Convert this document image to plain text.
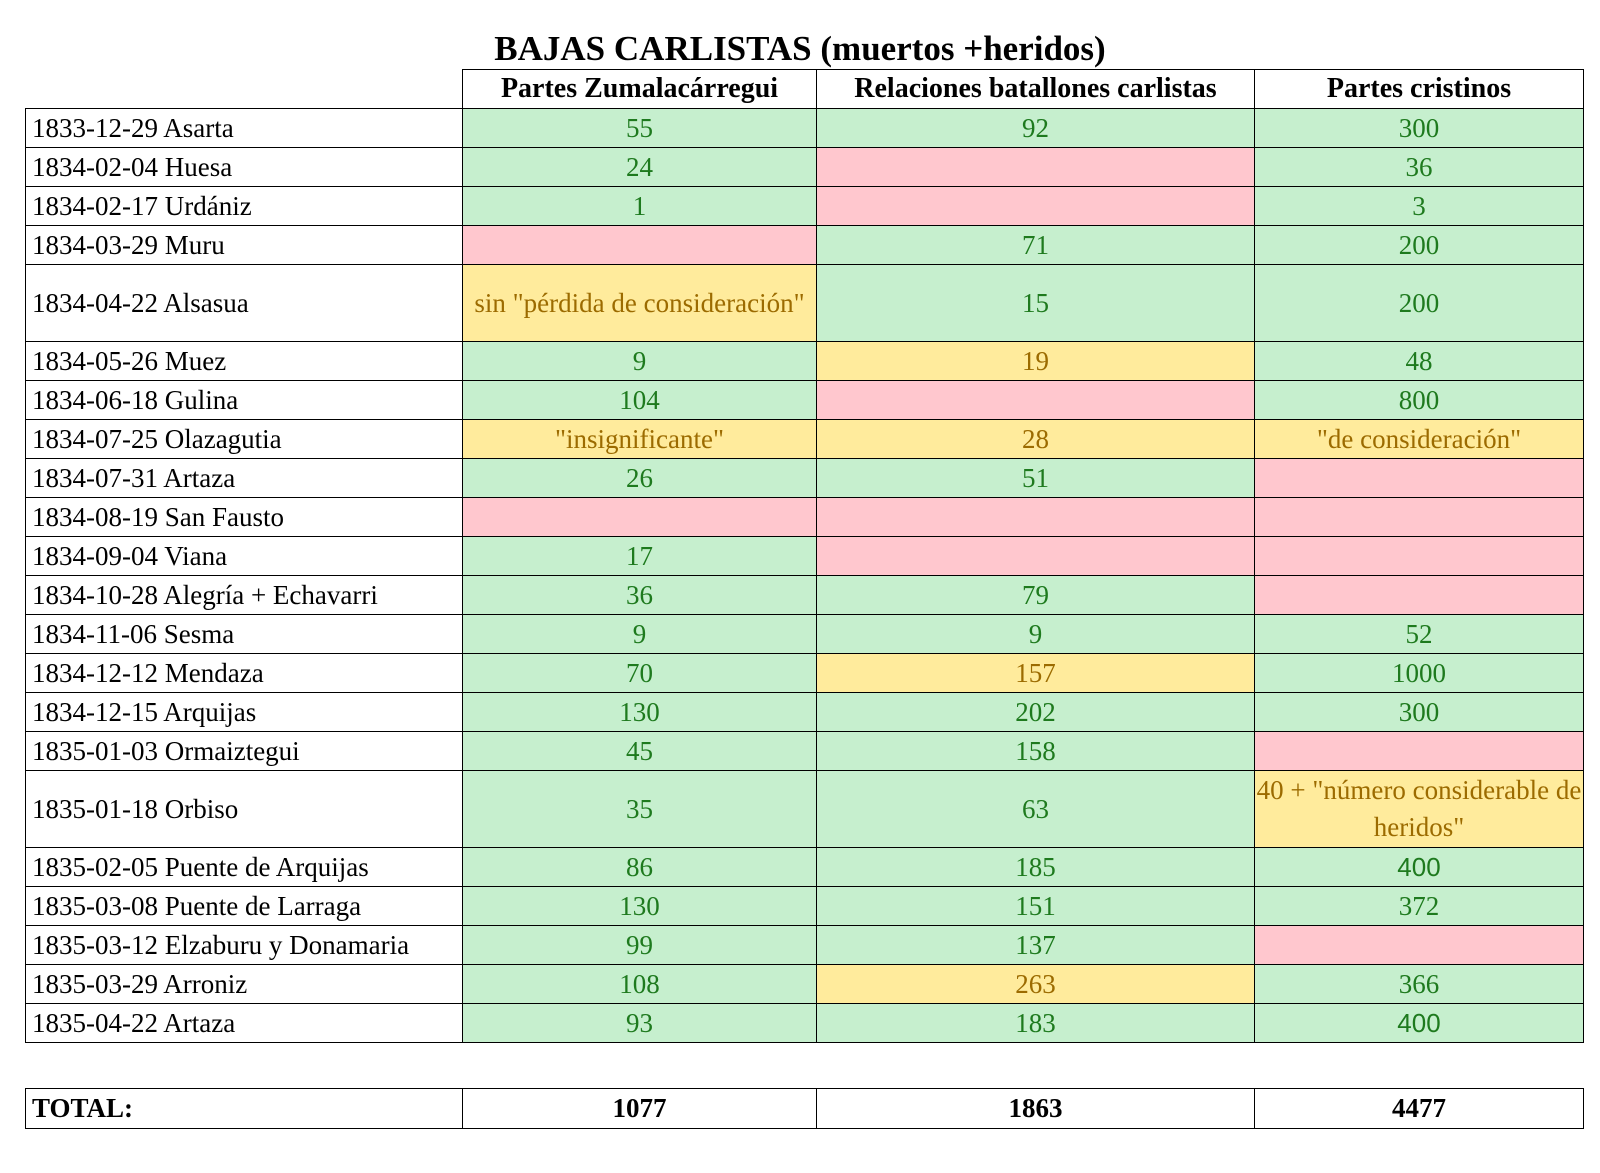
BAJAS CARLISTAS (muertos +heridos)
	Partes Zumalacárregui	Relaciones batallones carlistas	Partes cristinos
1833-12-29 Asarta	55	92	300
1834-02-04 Huesa	24		36
1834-02-17 Urdániz	1		3
1834-03-29 Muru		71	200
1834-04-22 Alsasua	sin "pérdida de consideración"	15	200
1834-05-26 Muez	9	19	48
1834-06-18 Gulina	104		800
1834-07-25 Olazagutia	"insignificante"	28	"de consideración"
1834-07-31 Artaza	26	51	
1834-08-19 San Fausto			
1834-09-04 Viana	17		
1834-10-28 Alegría + Echavarri	36	79	
1834-11-06 Sesma	9	9	52
1834-12-12 Mendaza	70	157	1000
1834-12-15 Arquijas	130	202	300
1835-01-03 Ormaiztegui	45	158	
1835-01-18 Orbiso	35	63	40 + "número considerable de heridos"
1835-02-05 Puente de Arquijas	86	185	400
1835-03-08 Puente de Larraga	130	151	372
1835-03-12 Elzaburu y Donamaria	99	137	
1835-03-29 Arroniz	108	263	366
1835-04-22 Artaza	93	183	400
TOTAL:	1077	1863	4477
